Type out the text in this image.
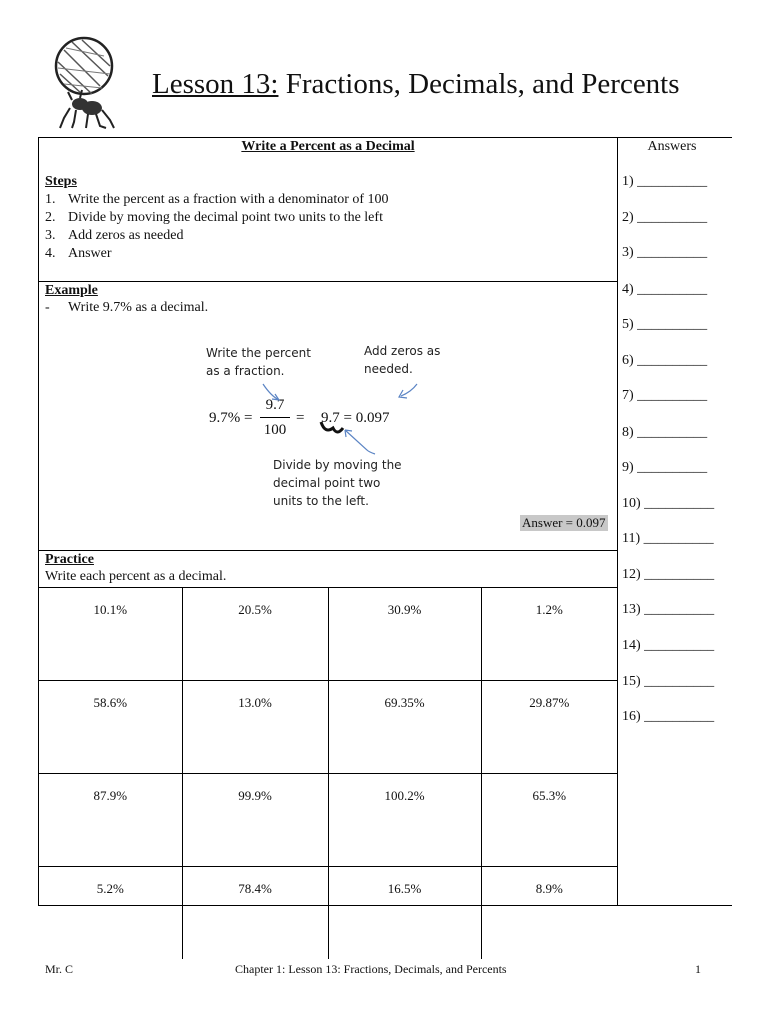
Lesson 13: Fractions, Decimals, and Percents
Write a Percent as a Decimal
Steps
1. Write the percent as a fraction with a denominator of 100
2. Divide by moving the decimal point two units to the left
3. Add zeros as needed
4. Answer
Example
- Write 9.7% as a decimal.
Write the percent
as a fraction.
Add zeros as
needed.
Divide by moving the
decimal point two
units to the left.
9.7% =
9.7
100
= 9.7 = 0.097
Answer = 0.097
Practice
Write each percent as a decimal.
10.1%	20.5%	30.9%	1.2%
58.6%	13.0%	69.35%	29.87%
87.9%	99.9%	100.2%	65.3%
5.2%	78.4%	16.5%	8.9%
Answers
1) __________
2) __________
3) __________
4) __________
5) __________
6) __________
7) __________
8) __________
9) __________
10) __________
11) __________
12) __________
13) __________
14) __________
15) __________
16) __________
Mr. C	Chapter 1: Lesson 13: Fractions, Decimals, and Percents	1
